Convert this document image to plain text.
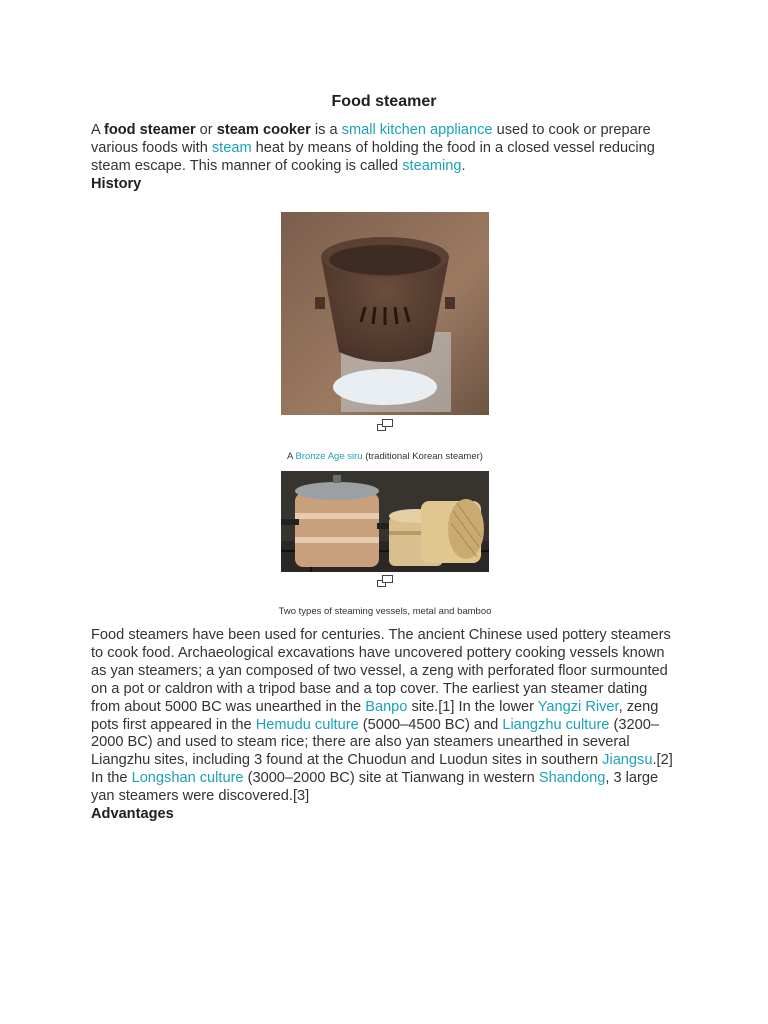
Food steamer

A food steamer or steam cooker is a small kitchen appliance used to cook or prepare various foods with steam heat by means of holding the food in a closed vessel reducing steam escape. This manner of cooking is called steaming.

History

A Bronze Age siru (traditional Korean steamer)

Two types of steaming vessels, metal and bamboo

Food steamers have been used for centuries. The ancient Chinese used pottery steamers to cook food. Archaeological excavations have uncovered pottery cooking vessels known as yan steamers; a yan composed of two vessel, a zeng with perforated floor surmounted on a pot or caldron with a tripod base and a top cover. The earliest yan steamer dating from about 5000 BC was unearthed in the Banpo site.[1] In the lower Yangzi River, zeng pots first appeared in the Hemudu culture (5000–4500 BC) and Liangzhu culture (3200–2000 BC) and used to steam rice; there are also yan steamers unearthed in several Liangzhu sites, including 3 found at the Chuodun and Luodun sites in southern Jiangsu.[2] In the Longshan culture (3000–2000 BC) site at Tianwang in western Shandong, 3 large yan steamers were discovered.[3]

Advantages
